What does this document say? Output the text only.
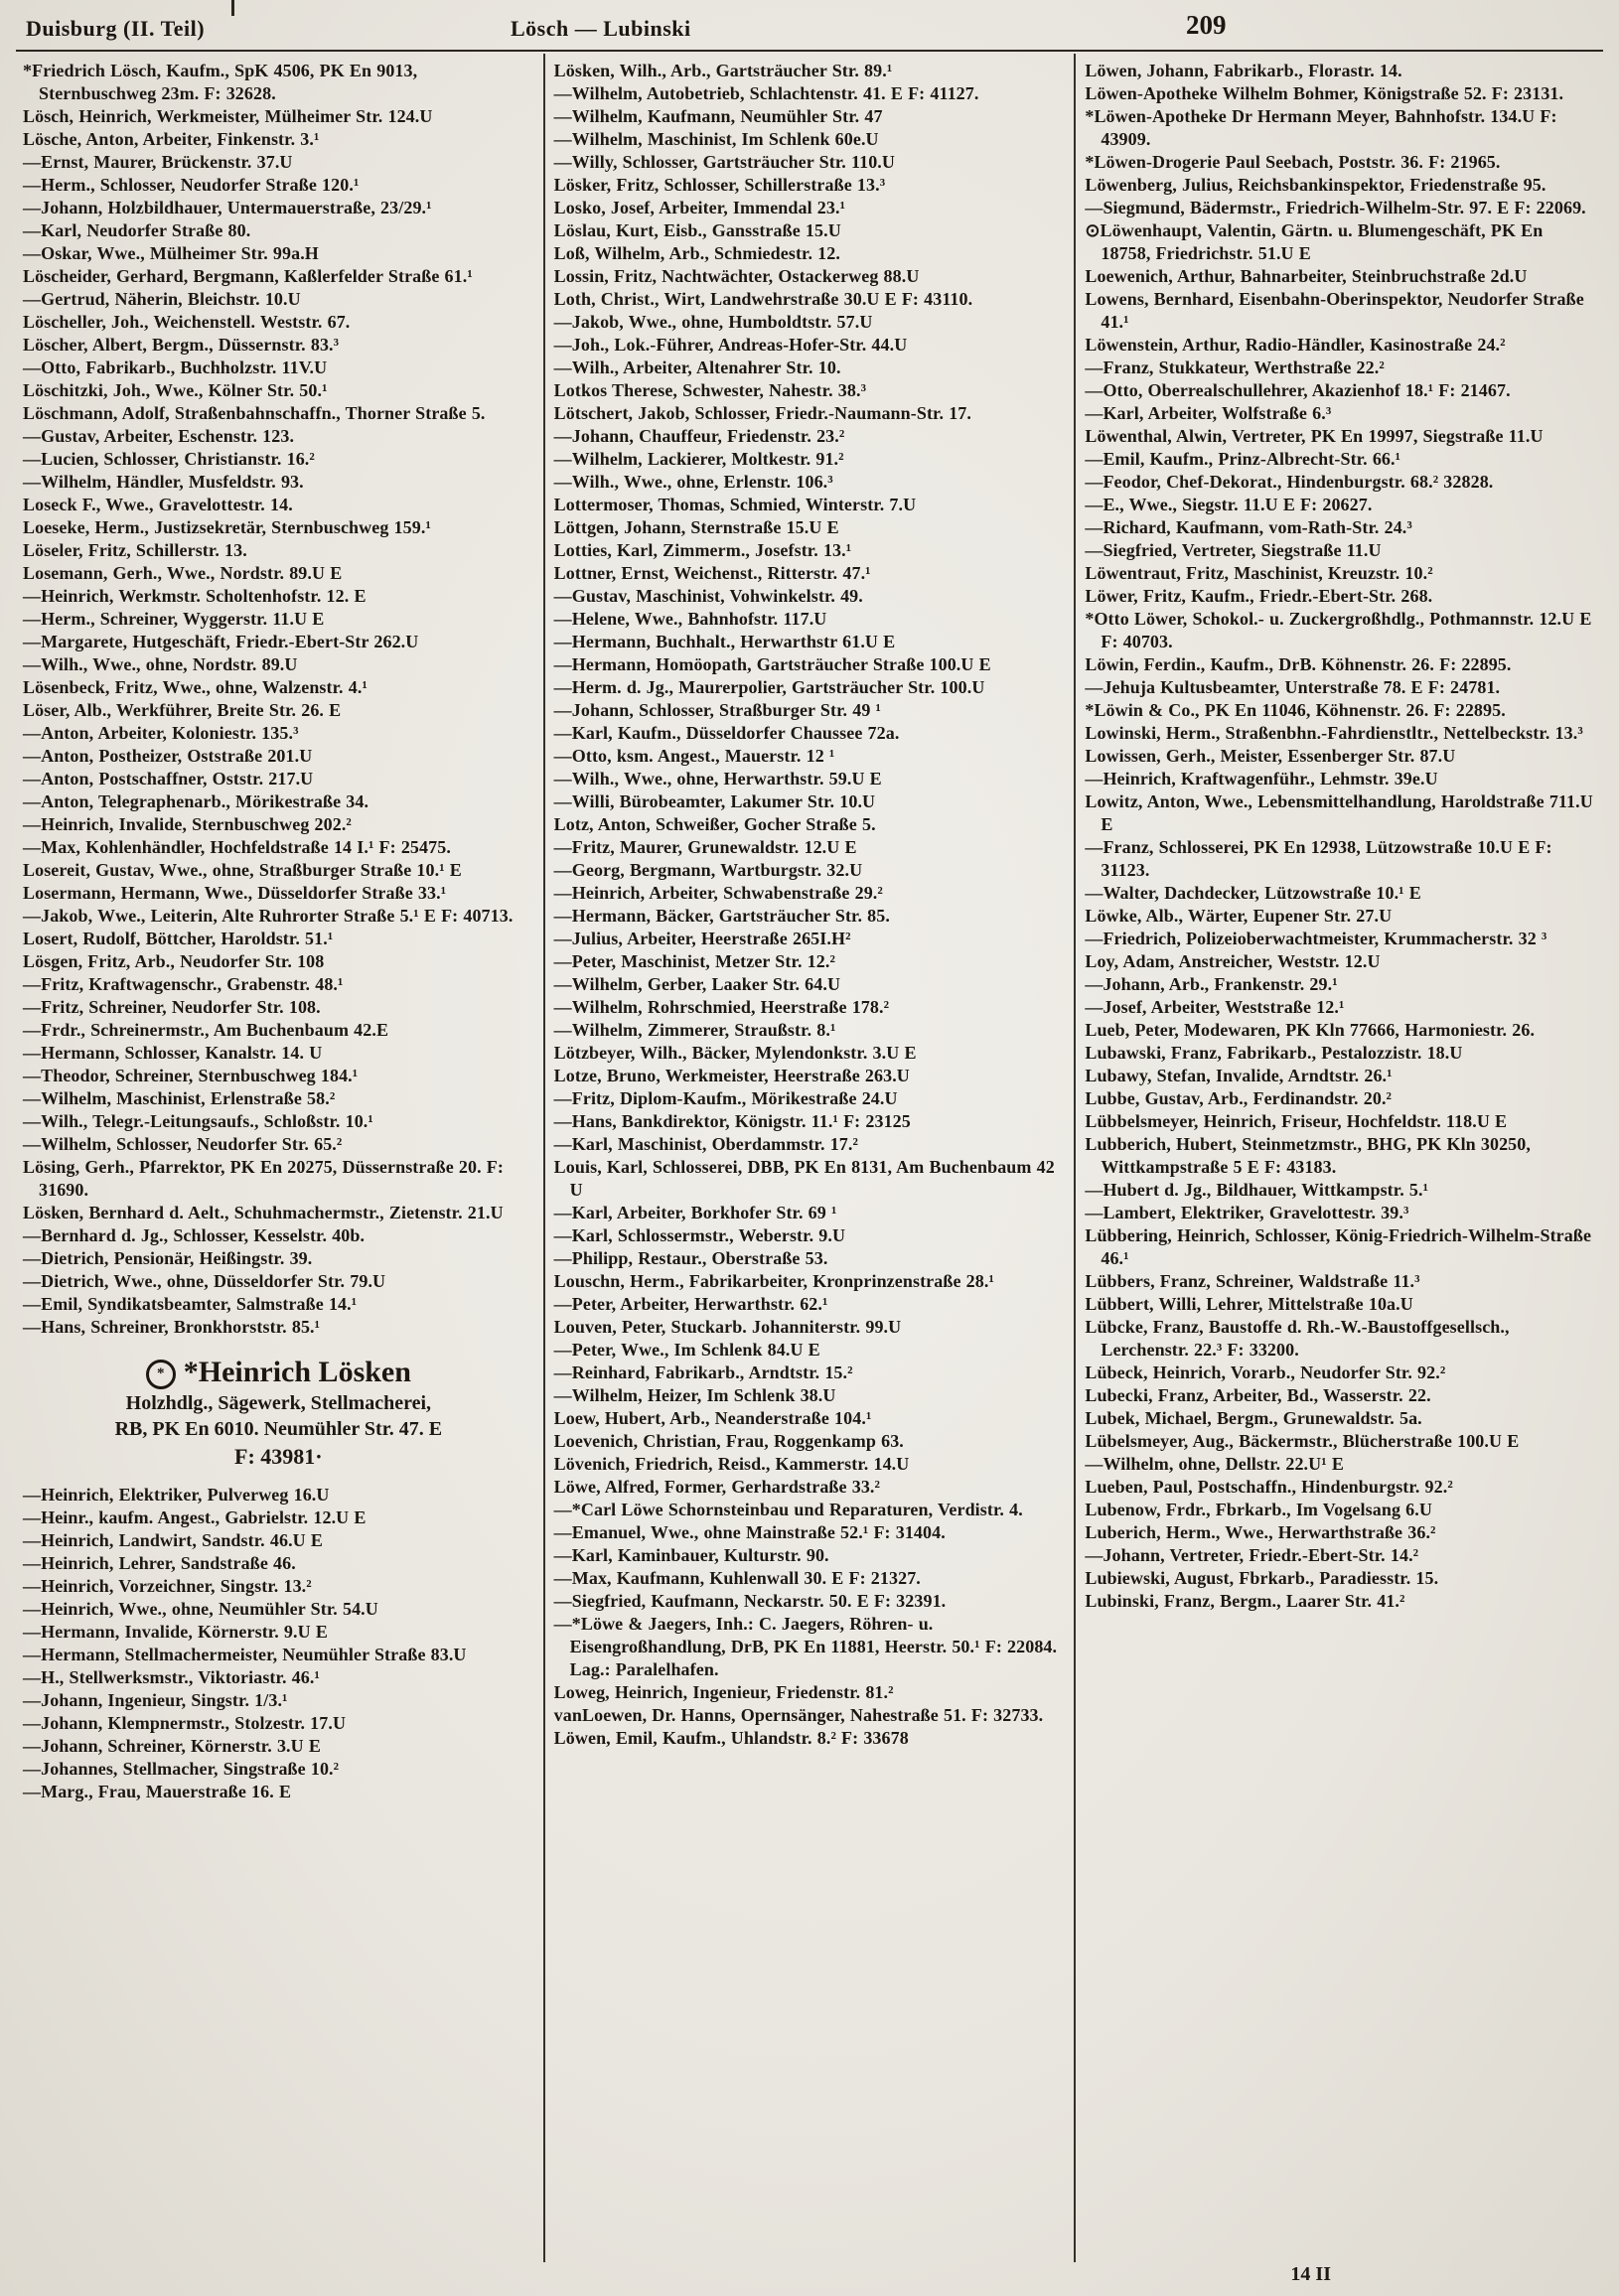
Duisburg (II. Teil)	Lösch — Lubinski	209

*Friedrich Lösch, Kaufm., SpK 4506, PK En 9013, Sternbuschweg 23m. F: 32628.

Lösch, Heinrich, Werkmeister, Mülheimer Str. 124.U

Lösche, Anton, Arbeiter, Finkenstr. 3.¹

—Ernst, Maurer, Brückenstr. 37.U

—Herm., Schlosser, Neudorfer Straße 120.¹

—Johann, Holzbildhauer, Untermauerstraße, 23/29.¹

—Karl, Neudorfer Straße 80.

—Oskar, Wwe., Mülheimer Str. 99a.H

Löscheider, Gerhard, Bergmann, Kaßlerfelder Straße 61.¹

—Gertrud, Näherin, Bleichstr. 10.U

Löscheller, Joh., Weichenstell. Weststr. 67.

Löscher, Albert, Bergm., Düssernstr. 83.³

—Otto, Fabrikarb., Buchholzstr. 11V.U

Löschitzki, Joh., Wwe., Kölner Str. 50.¹

Löschmann, Adolf, Straßenbahnschaffn., Thorner Straße 5.

—Gustav, Arbeiter, Eschenstr. 123.

—Lucien, Schlosser, Christianstr. 16.²

—Wilhelm, Händler, Musfeldstr. 93.

Loseck F., Wwe., Gravelottestr. 14.

Loeseke, Herm., Justizsekretär, Sternbuschweg 159.¹

Löseler, Fritz, Schillerstr. 13.

Losemann, Gerh., Wwe., Nordstr. 89.U E

—Heinrich, Werkmstr. Scholtenhofstr. 12. E

—Herm., Schreiner, Wyggerstr. 11.U E

—Margarete, Hutgeschäft, Friedr.-Ebert-Str 262.U

—Wilh., Wwe., ohne, Nordstr. 89.U

Lösenbeck, Fritz, Wwe., ohne, Walzenstr. 4.¹

Löser, Alb., Werkführer, Breite Str. 26. E

—Anton, Arbeiter, Koloniestr. 135.³

—Anton, Postheizer, Oststraße 201.U

—Anton, Postschaffner, Oststr. 217.U

—Anton, Telegraphenarb., Mörikestraße 34.

—Heinrich, Invalide, Sternbuschweg 202.²

—Max, Kohlenhändler, Hochfeldstraße 14 I.¹ F: 25475.

Losereit, Gustav, Wwe., ohne, Straßburger Straße 10.¹ E

Losermann, Hermann, Wwe., Düsseldorfer Straße 33.¹

—Jakob, Wwe., Leiterin, Alte Ruhrorter Straße 5.¹ E F: 40713.

Losert, Rudolf, Böttcher, Haroldstr. 51.¹

Lösgen, Fritz, Arb., Neudorfer Str. 108

—Fritz, Kraftwagenschr., Grabenstr. 48.¹

—Fritz, Schreiner, Neudorfer Str. 108.

—Frdr., Schreinermstr., Am Buchenbaum 42.E

—Hermann, Schlosser, Kanalstr. 14. U

—Theodor, Schreiner, Sternbuschweg 184.¹

—Wilhelm, Maschinist, Erlenstraße 58.²

—Wilh., Telegr.-Leitungsaufs., Schloßstr. 10.¹

—Wilhelm, Schlosser, Neudorfer Str. 65.²

Lösing, Gerh., Pfarrektor, PK En 20275, Düssernstraße 20. F: 31690.

Lösken, Bernhard d. Aelt., Schuhmachermstr., Zietenstr. 21.U

—Bernhard d. Jg., Schlosser, Kesselstr. 40b.

—Dietrich, Pensionär, Heißingstr. 39.

—Dietrich, Wwe., ohne, Düsseldorfer Str. 79.U

—Emil, Syndikatsbeamter, Salmstraße 14.¹

—Hans, Schreiner, Bronkhorststr. 85.¹

* *Heinrich Lösken
Holzhdlg., Sägewerk, Stellmacherei,
RB, PK En 6010. Neumühler Str. 47. E
F: 43981·

—Heinrich, Elektriker, Pulverweg 16.U

—Heinr., kaufm. Angest., Gabrielstr. 12.U E

—Heinrich, Landwirt, Sandstr. 46.U E

—Heinrich, Lehrer, Sandstraße 46.

—Heinrich, Vorzeichner, Singstr. 13.²

—Heinrich, Wwe., ohne, Neumühler Str. 54.U

—Hermann, Invalide, Körnerstr. 9.U E

—Hermann, Stellmachermeister, Neumühler Straße 83.U

—H., Stellwerksmstr., Viktoriastr. 46.¹

—Johann, Ingenieur, Singstr. 1/3.¹

—Johann, Klempnermstr., Stolzestr. 17.U

—Johann, Schreiner, Körnerstr. 3.U E

—Johannes, Stellmacher, Singstraße 10.²

—Marg., Frau, Mauerstraße 16. E

Lösken, Wilh., Arb., Gartsträucher Str. 89.¹

—Wilhelm, Autobetrieb, Schlachtenstr. 41. E F: 41127.

—Wilhelm, Kaufmann, Neumühler Str. 47

—Wilhelm, Maschinist, Im Schlenk 60e.U

—Willy, Schlosser, Gartsträucher Str. 110.U

Lösker, Fritz, Schlosser, Schillerstraße 13.³

Losko, Josef, Arbeiter, Immendal 23.¹

Löslau, Kurt, Eisb., Gansstraße 15.U

Loß, Wilhelm, Arb., Schmiedestr. 12.

Lossin, Fritz, Nachtwächter, Ostackerweg 88.U

Loth, Christ., Wirt, Landwehrstraße 30.U E F: 43110.

—Jakob, Wwe., ohne, Humboldtstr. 57.U

—Joh., Lok.-Führer, Andreas-Hofer-Str. 44.U

—Wilh., Arbeiter, Altenahrer Str. 10.

Lotkos Therese, Schwester, Nahestr. 38.³

Lötschert, Jakob, Schlosser, Friedr.-Naumann-Str. 17.

—Johann, Chauffeur, Friedenstr. 23.²

—Wilhelm, Lackierer, Moltkestr. 91.²

—Wilh., Wwe., ohne, Erlenstr. 106.³

Lottermoser, Thomas, Schmied, Winterstr. 7.U

Löttgen, Johann, Sternstraße 15.U E

Lotties, Karl, Zimmerm., Josefstr. 13.¹

Lottner, Ernst, Weichenst., Ritterstr. 47.¹

—Gustav, Maschinist, Vohwinkelstr. 49.

—Helene, Wwe., Bahnhofstr. 117.U

—Hermann, Buchhalt., Herwarthstr 61.U E

—Hermann, Homöopath, Gartsträucher Straße 100.U E

—Herm. d. Jg., Maurerpolier, Gartsträucher Str. 100.U

—Johann, Schlosser, Straßburger Str. 49 ¹

—Karl, Kaufm., Düsseldorfer Chaussee 72a.

—Otto, ksm. Angest., Mauerstr. 12 ¹

—Wilh., Wwe., ohne, Herwarthstr. 59.U E

—Willi, Bürobeamter, Lakumer Str. 10.U

Lotz, Anton, Schweißer, Gocher Straße 5.

—Fritz, Maurer, Grunewaldstr. 12.U E

—Georg, Bergmann, Wartburgstr. 32.U

—Heinrich, Arbeiter, Schwabenstraße 29.²

—Hermann, Bäcker, Gartsträucher Str. 85.

—Julius, Arbeiter, Heerstraße 265I.H²

—Peter, Maschinist, Metzer Str. 12.²

—Wilhelm, Gerber, Laaker Str. 64.U

—Wilhelm, Rohrschmied, Heerstraße 178.²

—Wilhelm, Zimmerer, Straußstr. 8.¹

Lötzbeyer, Wilh., Bäcker, Mylendonkstr. 3.U E

Lotze, Bruno, Werkmeister, Heerstraße 263.U

—Fritz, Diplom-Kaufm., Mörikestraße 24.U

—Hans, Bankdirektor, Königstr. 11.¹ F: 23125

—Karl, Maschinist, Oberdammstr. 17.²

Louis, Karl, Schlosserei, DBB, PK En 8131, Am Buchenbaum 42 U

—Karl, Arbeiter, Borkhofer Str. 69 ¹

—Karl, Schlossermstr., Weberstr. 9.U

—Philipp, Restaur., Oberstraße 53.

Louschn, Herm., Fabrikarbeiter, Kronprinzenstraße 28.¹

—Peter, Arbeiter, Herwarthstr. 62.¹

Louven, Peter, Stuckarb. Johanniterstr. 99.U

—Peter, Wwe., Im Schlenk 84.U E

—Reinhard, Fabrikarb., Arndtstr. 15.²

—Wilhelm, Heizer, Im Schlenk 38.U

Loew, Hubert, Arb., Neanderstraße 104.¹

Loevenich, Christian, Frau, Roggenkamp 63.

Lövenich, Friedrich, Reisd., Kammerstr. 14.U

Löwe, Alfred, Former, Gerhardstraße 33.²

—*Carl Löwe Schornsteinbau und Reparaturen, Verdistr. 4.

—Emanuel, Wwe., ohne Mainstraße 52.¹ F: 31404.

—Karl, Kaminbauer, Kulturstr. 90.

—Max, Kaufmann, Kuhlenwall 30. E F: 21327.

—Siegfried, Kaufmann, Neckarstr. 50. E F: 32391.

—*Löwe & Jaegers, Inh.: C. Jaegers, Röhren- u. Eisengroßhandlung, DrB, PK En 11881, Heerstr. 50.¹ F: 22084. Lag.: Paralelhafen.

Loweg, Heinrich, Ingenieur, Friedenstr. 81.²

vanLoewen, Dr. Hanns, Opernsänger, Nahestraße 51. F: 32733.

Löwen, Emil, Kaufm., Uhlandstr. 8.² F: 33678

Löwen, Johann, Fabrikarb., Florastr. 14.

Löwen-Apotheke Wilhelm Bohmer, Königstraße 52. F: 23131.

*Löwen-Apotheke Dr Hermann Meyer, Bahnhofstr. 134.U F: 43909.

*Löwen-Drogerie Paul Seebach, Poststr. 36. F: 21965.

Löwenberg, Julius, Reichsbankinspektor, Friedenstraße 95.

—Siegmund, Bädermstr., Friedrich-Wilhelm-Str. 97. E F: 22069.

⊙Löwenhaupt, Valentin, Gärtn. u. Blumengeschäft, PK En 18758, Friedrichstr. 51.U E

Loewenich, Arthur, Bahnarbeiter, Steinbruchstraße 2d.U

Lowens, Bernhard, Eisenbahn-Oberinspektor, Neudorfer Straße 41.¹

Löwenstein, Arthur, Radio-Händler, Kasinostraße 24.²

—Franz, Stukkateur, Werthstraße 22.²

—Otto, Oberrealschullehrer, Akazienhof 18.¹ F: 21467.

—Karl, Arbeiter, Wolfstraße 6.³

Löwenthal, Alwin, Vertreter, PK En 19997, Siegstraße 11.U

—Emil, Kaufm., Prinz-Albrecht-Str. 66.¹

—Feodor, Chef-Dekorat., Hindenburgstr. 68.² 32828.

—E., Wwe., Siegstr. 11.U E F: 20627.

—Richard, Kaufmann, vom-Rath-Str. 24.³

—Siegfried, Vertreter, Siegstraße 11.U

Löwentraut, Fritz, Maschinist, Kreuzstr. 10.²

Löwer, Fritz, Kaufm., Friedr.-Ebert-Str. 268.

*Otto Löwer, Schokol.- u. Zuckergroßhdlg., Pothmannstr. 12.U E F: 40703.

Löwin, Ferdin., Kaufm., DrB. Köhnenstr. 26. F: 22895.

—Jehuja Kultusbeamter, Unterstraße 78. E F: 24781.

*Löwin & Co., PK En 11046, Köhnenstr. 26. F: 22895.

Lowinski, Herm., Straßenbhn.-Fahrdienstltr., Nettelbeckstr. 13.³

Lowissen, Gerh., Meister, Essenberger Str. 87.U

—Heinrich, Kraftwagenführ., Lehmstr. 39e.U

Lowitz, Anton, Wwe., Lebensmittelhandlung, Haroldstraße 711.U E

—Franz, Schlosserei, PK En 12938, Lützowstraße 10.U E F: 31123.

—Walter, Dachdecker, Lützowstraße 10.¹ E

Löwke, Alb., Wärter, Eupener Str. 27.U

—Friedrich, Polizeioberwachtmeister, Krummacherstr. 32 ³

Loy, Adam, Anstreicher, Weststr. 12.U

—Johann, Arb., Frankenstr. 29.¹

—Josef, Arbeiter, Weststraße 12.¹

Lueb, Peter, Modewaren, PK Kln 77666, Harmoniestr. 26.

Lubawski, Franz, Fabrikarb., Pestalozzistr. 18.U

Lubawy, Stefan, Invalide, Arndtstr. 26.¹

Lubbe, Gustav, Arb., Ferdinandstr. 20.²

Lübbelsmeyer, Heinrich, Friseur, Hochfeldstr. 118.U E

Lubberich, Hubert, Steinmetzmstr., BHG, PK Kln 30250, Wittkampstraße 5 E F: 43183.

—Hubert d. Jg., Bildhauer, Wittkampstr. 5.¹

—Lambert, Elektriker, Gravelottestr. 39.³

Lübbering, Heinrich, Schlosser, König-Friedrich-Wilhelm-Straße 46.¹

Lübbers, Franz, Schreiner, Waldstraße 11.³

Lübbert, Willi, Lehrer, Mittelstraße 10a.U

Lübcke, Franz, Baustoffe d. Rh.-W.-Baustoffgesellsch., Lerchenstr. 22.³ F: 33200.

Lübeck, Heinrich, Vorarb., Neudorfer Str. 92.²

Lubecki, Franz, Arbeiter, Bd., Wasserstr. 22.

Lubek, Michael, Bergm., Grunewaldstr. 5a.

Lübelsmeyer, Aug., Bäckermstr., Blücherstraße 100.U E

—Wilhelm, ohne, Dellstr. 22.U¹ E

Lueben, Paul, Postschaffn., Hindenburgstr. 92.²

Lubenow, Frdr., Fbrkarb., Im Vogelsang 6.U

Luberich, Herm., Wwe., Herwarthstraße 36.²

—Johann, Vertreter, Friedr.-Ebert-Str. 14.²

Lubiewski, August, Fbrkarb., Paradiesstr. 15.

Lubinski, Franz, Bergm., Laarer Str. 41.²

14 II
